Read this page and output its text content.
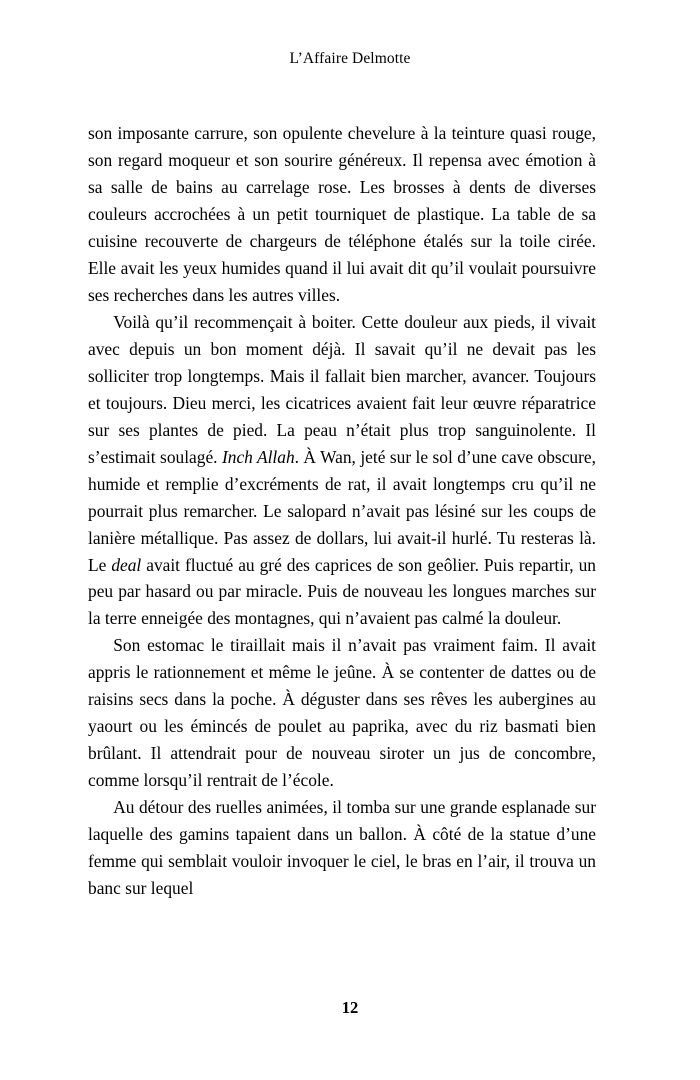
L’Affaire Delmotte

son imposante carrure, son opulente chevelure à la teinture quasi rouge, son regard moqueur et son sourire généreux. Il repensa avec émotion à sa salle de bains au carrelage rose. Les brosses à dents de diverses couleurs accrochées à un petit tourniquet de plastique. La table de sa cuisine recouverte de chargeurs de téléphone étalés sur la toile cirée. Elle avait les yeux humides quand il lui avait dit qu’il voulait poursuivre ses recherches dans les autres villes.

Voilà qu’il recommençait à boiter. Cette douleur aux pieds, il vivait avec depuis un bon moment déjà. Il savait qu’il ne devait pas les solliciter trop longtemps. Mais il fallait bien marcher, avancer. Toujours et toujours. Dieu merci, les cicatrices avaient fait leur œuvre réparatrice sur ses plantes de pied. La peau n’était plus trop sanguinolente. Il s’estimait soulagé. Inch Allah. À Wan, jeté sur le sol d’une cave obscure, humide et remplie d’excréments de rat, il avait longtemps cru qu’il ne pourrait plus remarcher. Le salopard n’avait pas lésiné sur les coups de lanière métallique. Pas assez de dollars, lui avait-il hurlé. Tu resteras là. Le deal avait fluctué au gré des caprices de son geôlier. Puis repartir, un peu par hasard ou par miracle. Puis de nouveau les longues marches sur la terre enneigée des montagnes, qui n’avaient pas calmé la douleur.

Son estomac le tiraillait mais il n’avait pas vraiment faim. Il avait appris le rationnement et même le jeûne. À se contenter de dattes ou de raisins secs dans la poche. À déguster dans ses rêves les aubergines au yaourt ou les émincés de poulet au paprika, avec du riz basmati bien brûlant. Il attendrait pour de nouveau siroter un jus de concombre, comme lorsqu’il rentrait de l’école.

Au détour des ruelles animées, il tomba sur une grande esplanade sur laquelle des gamins tapaient dans un ballon. À côté de la statue d’une femme qui semblait vouloir invoquer le ciel, le bras en l’air, il trouva un banc sur lequel

12
